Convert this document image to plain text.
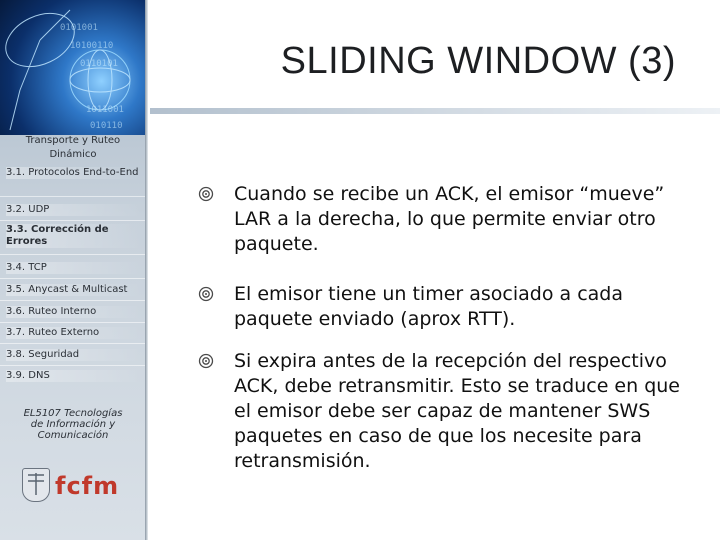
0101001
10100110
0110101
1011001
010110
Transporte y Ruteo Dinámico
3.1. Protocolos End-to-End
3.2. UDP
3.3. Corrección de Errores
3.4. TCP
3.5. Anycast & Multicast
3.6. Ruteo Interno
3.7. Ruteo Externo
3.8. Seguridad
3.9. DNS
EL5107 Tecnologías de Información y Comunicación
fcfm
SLIDING WINDOW (3)
Cuando se recibe un ACK, el emisor “mueve” LAR a la derecha, lo que permite enviar otro paquete.
El emisor tiene un timer asociado a cada paquete enviado (aprox RTT).
Si expira antes de la recepción del respectivo ACK, debe retransmitir. Esto se traduce en que el emisor debe ser capaz de mantener SWS paquetes en caso de que los necesite para retransmisión.
